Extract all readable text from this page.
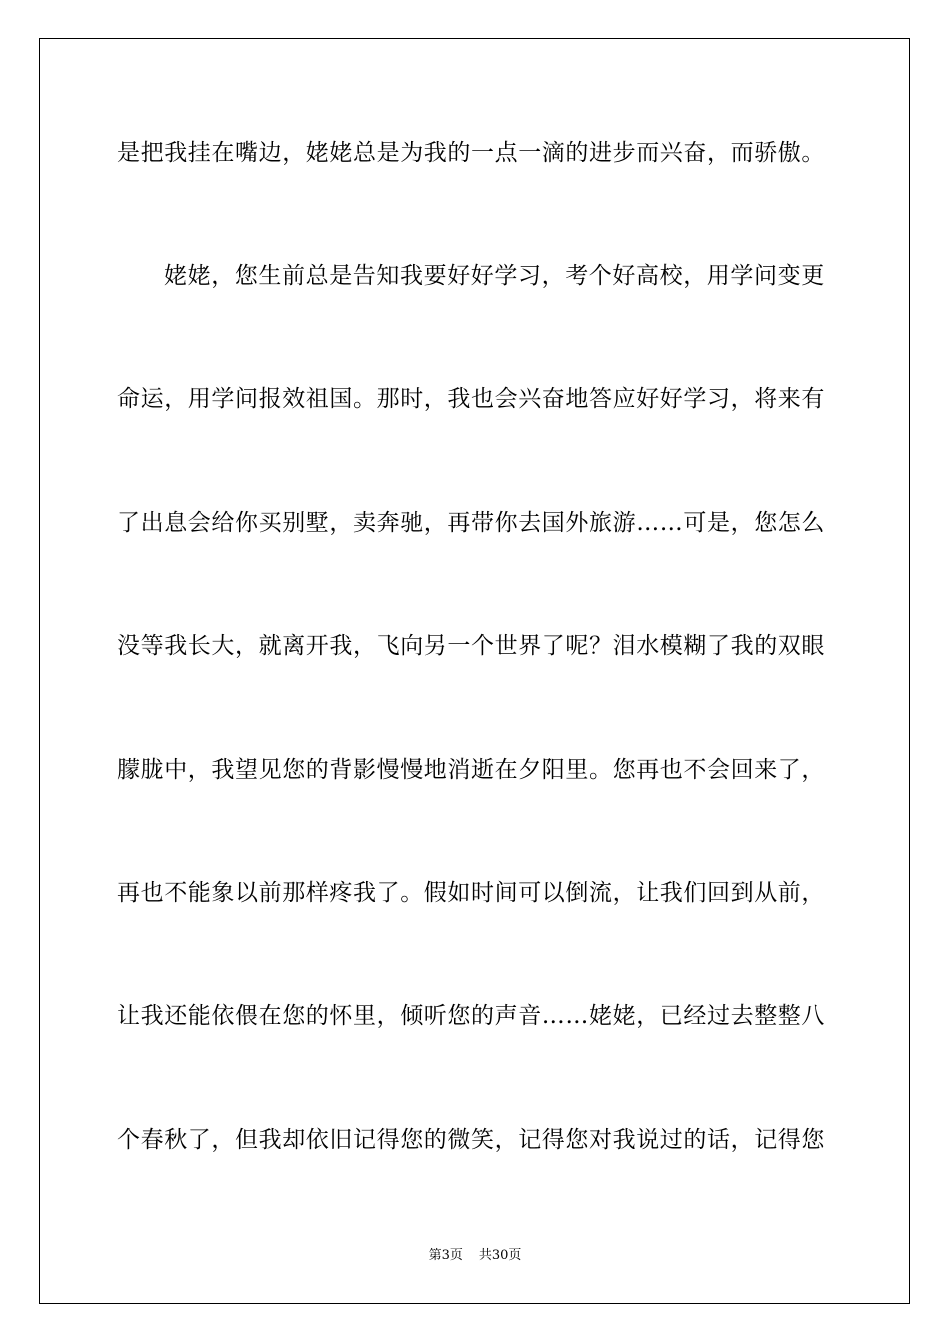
是把我挂在嘴边，姥姥总是为我的一点一滴的进步而兴奋，而骄傲。
姥姥，您生前总是告知我要好好学习，考个好高校，用学问变更
命运，用学问报效祖国。那时，我也会兴奋地答应好好学习，将来有
了出息会给你买别墅，卖奔驰，再带你去国外旅游……可是，您怎么
没等我长大，就离开我，飞向另一个世界了呢？泪水模糊了我的双眼
朦胧中，我望见您的背影慢慢地消逝在夕阳里。您再也不会回来了，
再也不能象以前那样疼我了。假如时间可以倒流，让我们回到从前，
让我还能依偎在您的怀里，倾听您的声音……姥姥，已经过去整整八
个春秋了，但我却依旧记得您的微笑，记得您对我说过的话，记得您
第3页 共30页
